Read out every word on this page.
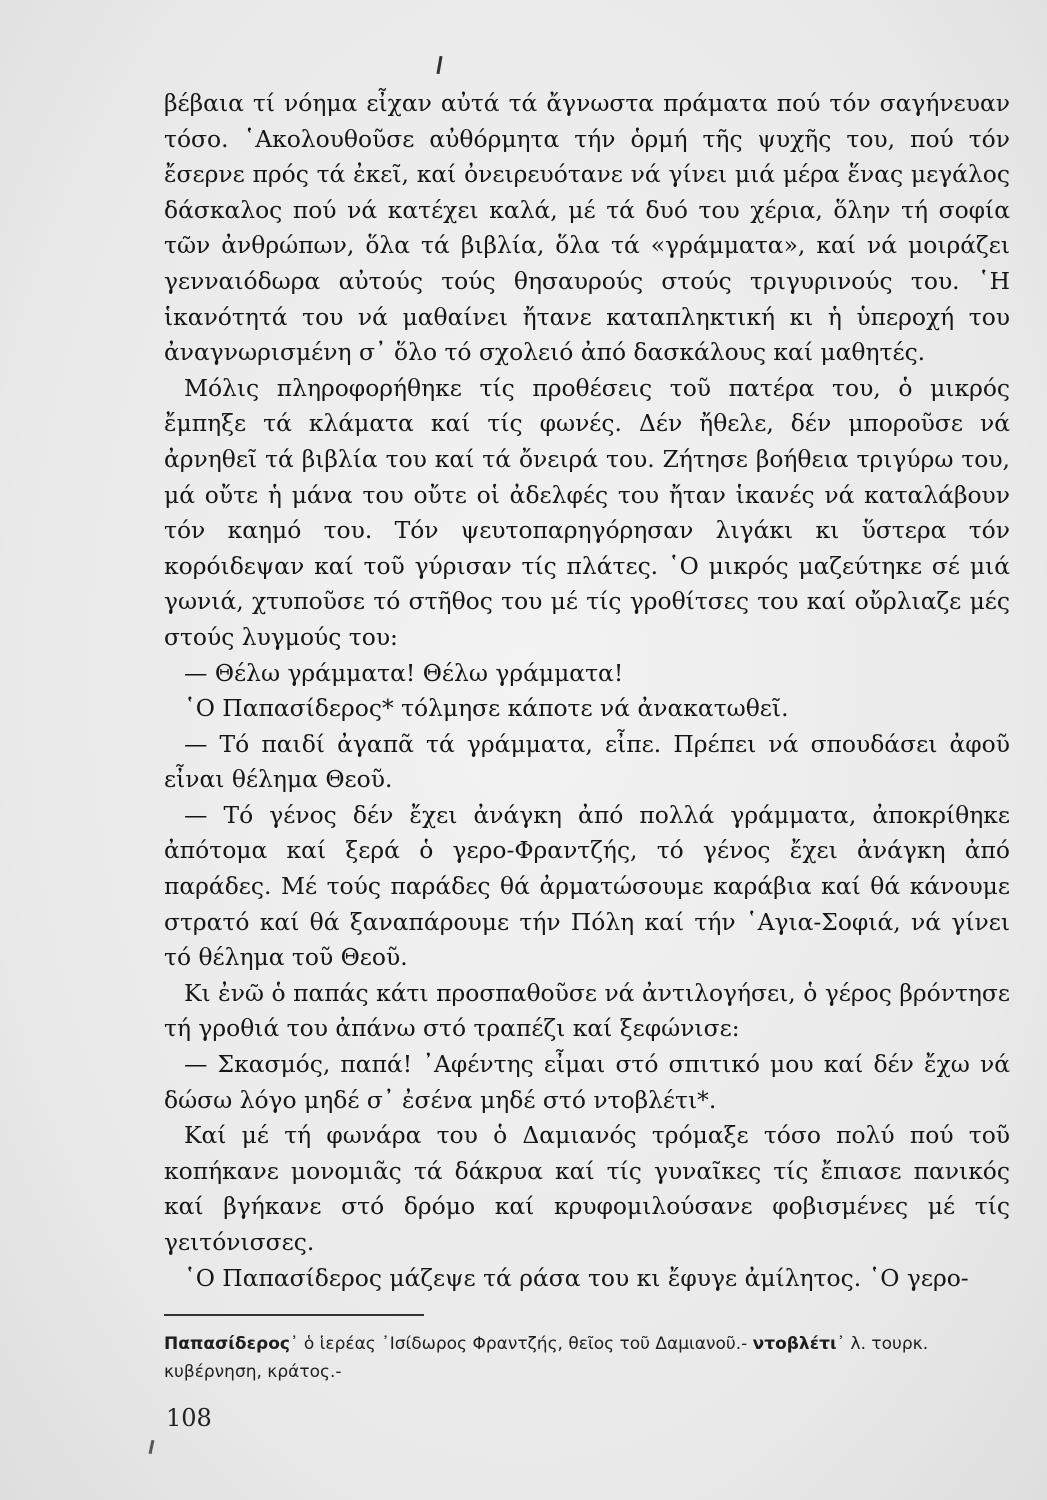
βέβαια τί νόημα εἶχαν αὐτά τά ἄγνωστα πράματα πού τόν σαγήνευαν τόσο. ῾Ακολουθοῦσε αὐθόρμητα τήν ὁρμή τῆς ψυχῆς του, πού τόν ἔσερνε πρός τά ἐκεῖ, καί ὀνειρευότανε νά γίνει μιά μέρα ἕνας μεγάλος δάσκαλος πού νά κατέχει καλά, μέ τά δυό του χέρια, ὅλην τή σοφία τῶν ἀνθρώπων, ὅλα τά βιβλία, ὅλα τά «γράμματα», καί νά μοιράζει γενναιόδωρα αὐτούς τούς θησαυρούς στούς τριγυρινούς του. ῾Η ἱκανότητά του νά μαθαίνει ἤτανε καταπληκτική κι ἡ ὑπεροχή του ἀναγνωρισμένη σ᾿ ὅλο τό σχολειό ἀπό δασκάλους καί μαθητές.

Μόλις πληροφορήθηκε τίς προθέσεις τοῦ πατέρα του, ὁ μικρός ἔμπηξε τά κλάματα καί τίς φωνές. Δέν ἤθελε, δέν μποροῦσε νά ἀρνηθεῖ τά βιβλία του καί τά ὄνειρά του. Ζήτησε βοήθεια τριγύρω του, μά οὔτε ἡ μάνα του οὔτε οἱ ἀδελφές του ἤταν ἱκανές νά καταλάβουν τόν καημό του. Τόν ψευτοπαρηγόρησαν λιγάκι κι ὕστερα τόν κορόιδεψαν καί τοῦ γύρισαν τίς πλάτες. ῾Ο μικρός μαζεύτηκε σέ μιά γωνιά, χτυποῦσε τό στῆθος του μέ τίς γροθίτσες του καί οὔρλιαζε μές στούς λυγμούς του:

— Θέλω γράμματα! Θέλω γράμματα!

῾Ο Παπασίδερος* τόλμησε κάποτε νά ἀνακατωθεῖ.

— Τό παιδί ἀγαπᾶ τά γράμματα, εἶπε. Πρέπει νά σπουδάσει ἀφοῦ εἶναι θέλημα Θεοῦ.

— Τό γένος δέν ἔχει ἀνάγκη ἀπό πολλά γράμματα, ἀποκρίθηκε ἀπότομα καί ξερά ὁ γερο-Φραντζής, τό γένος ἔχει ἀνάγκη ἀπό παράδες. Μέ τούς παράδες θά ἀρματώσουμε καράβια καί θά κάνουμε στρατό καί θά ξαναπάρουμε τήν Πόλη καί τήν ῾Αγια-Σοφιά, νά γίνει τό θέλημα τοῦ Θεοῦ.

Κι ἐνῶ ὁ παπάς κάτι προσπαθοῦσε νά ἀντιλογήσει, ὁ γέρος βρόντησε τή γροθιά του ἀπάνω στό τραπέζι καί ξεφώνισε:

— Σκασμός, παπά! ᾿Αφέντης εἶμαι στό σπιτικό μου καί δέν ἔχω νά δώσω λόγο μηδέ σ᾿ ἐσένα μηδέ στό ντοβλέτι*.

Καί μέ τή φωνάρα του ὁ Δαμιανός τρόμαξε τόσο πολύ πού τοῦ κοπήκανε μονομιᾶς τά δάκρυα καί τίς γυναῖκες τίς ἔπιασε πανικός καί βγήκανε στό δρόμο καί κρυφομιλούσανε φοβισμένες μέ τίς γειτόνισσες.

῾Ο Παπασίδερος μάζεψε τά ράσα του κι ἔφυγε ἀμίλητος. ῾Ο γερο-

Παπασίδερος᾿ ὁ ἱερέας ᾿Ισίδωρος Φραντζής, θεῖος τοῦ Δαμιανοῦ.- ντοβλέτι᾿ λ. τουρκ. κυβέρνηση, κράτος.-
108
